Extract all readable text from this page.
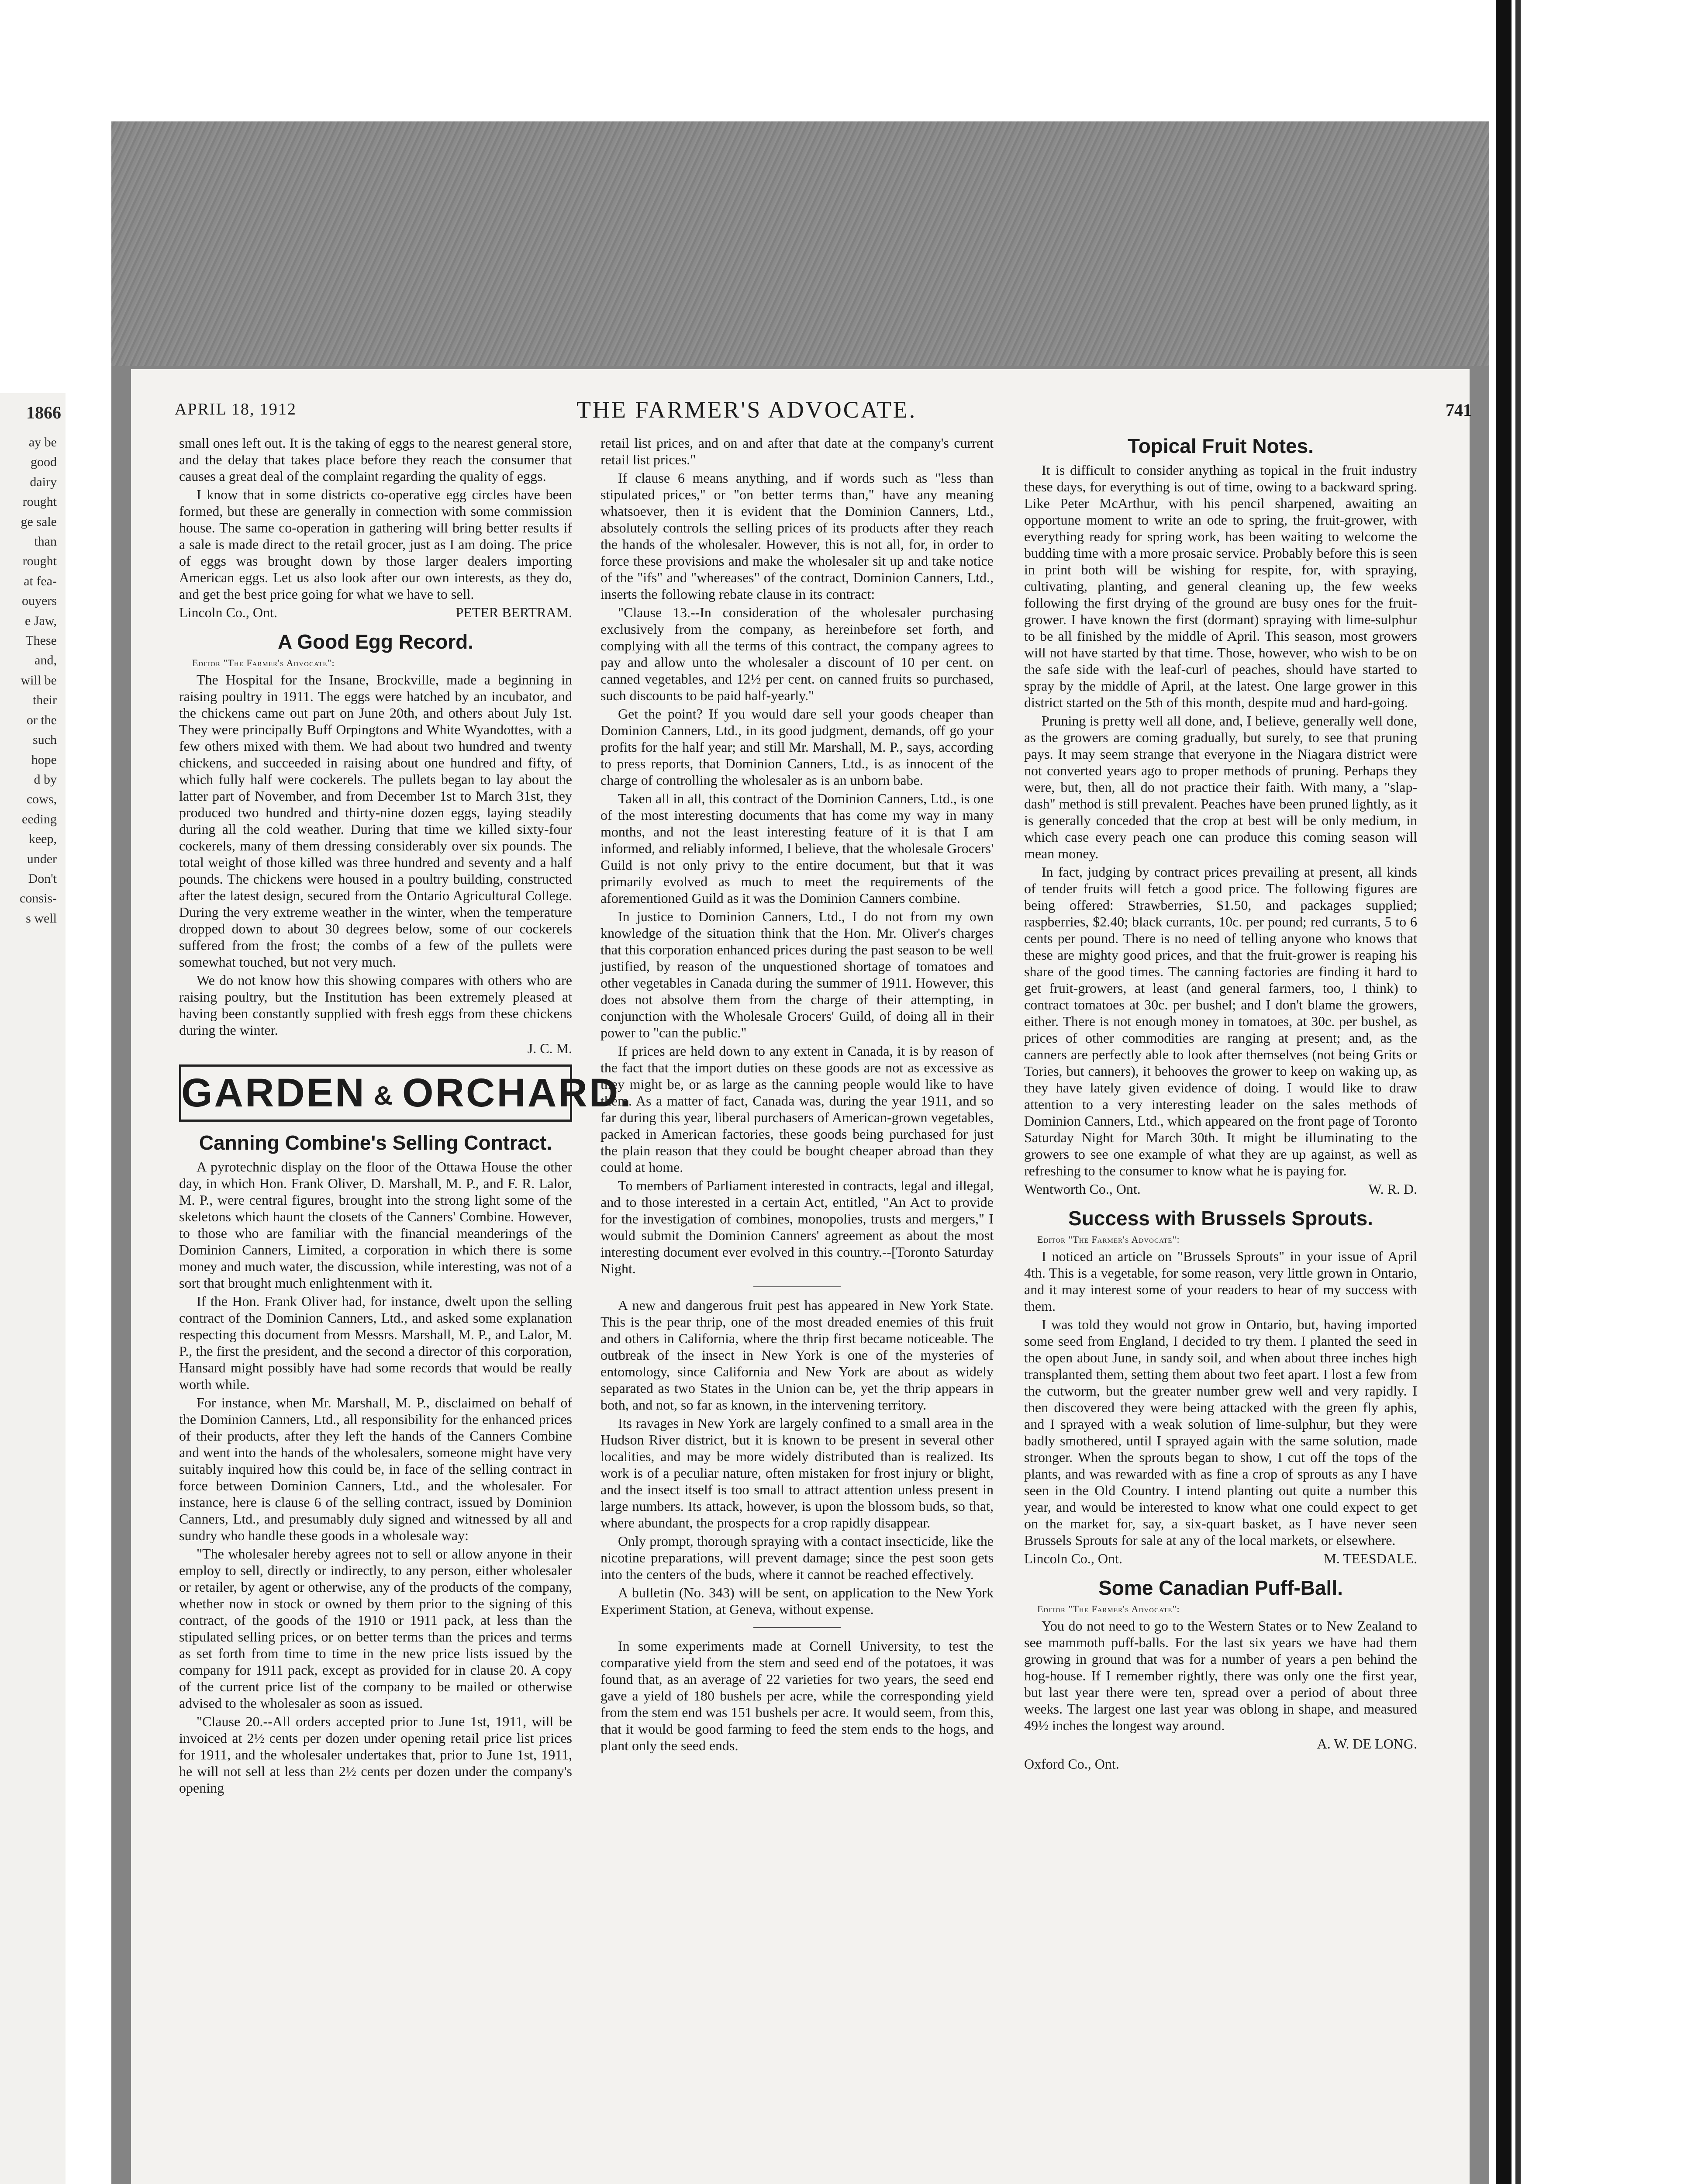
1866
ay be
good
dairy
rought
ge sale
than
rought
at fea-
ouyers
e Jaw,
These
and,
will be
their
or the
such
hope
d by
cows,
eeding
keep,
under
Don't
consis-
s well
APRIL 18, 1912	THE FARMER'S ADVOCATE.	741

small ones left out. It is the taking of eggs to the nearest general store, and the delay that takes place before they reach the consumer that causes a great deal of the complaint regarding the quality of eggs.

I know that in some districts co-operative egg circles have been formed, but these are generally in connection with some commission house. The same co-operation in gathering will bring better results if a sale is made direct to the retail grocer, just as I am doing. The price of eggs was brought down by those larger dealers importing American eggs. Let us also look after our own interests, as they do, and get the best price going for what we have to sell.

Lincoln Co., Ont.	PETER BERTRAM.
A Good Egg Record.
Editor "The Farmer's Advocate":

The Hospital for the Insane, Brockville, made a beginning in raising poultry in 1911. The eggs were hatched by an incubator, and the chickens came out part on June 20th, and others about July 1st. They were principally Buff Orpingtons and White Wyandottes, with a few others mixed with them. We had about two hundred and twenty chickens, and succeeded in raising about one hundred and fifty, of which fully half were cockerels. The pullets began to lay about the latter part of November, and from December 1st to March 31st, they produced two hundred and thirty-nine dozen eggs, laying steadily during all the cold weather. During that time we killed sixty-four cockerels, many of them dressing considerably over six pounds. The total weight of those killed was three hundred and seventy and a half pounds. The chickens were housed in a poultry building, constructed after the latest design, secured from the Ontario Agricultural College. During the very extreme weather in the winter, when the temperature dropped down to about 30 degrees below, some of our cockerels suffered from the frost; the combs of a few of the pullets were somewhat touched, but not very much.

We do not know how this showing compares with others who are raising poultry, but the Institution has been extremely pleased at having been constantly supplied with fresh eggs from these chickens during the winter.

J. C. M.
GARDEN & ORCHARD.
Canning Combine's Selling Contract.

A pyrotechnic display on the floor of the Ottawa House the other day, in which Hon. Frank Oliver, D. Marshall, M. P., and F. R. Lalor, M. P., were central figures, brought into the strong light some of the skeletons which haunt the closets of the Canners' Combine. However, to those who are familiar with the financial meanderings of the Dominion Canners, Limited, a corporation in which there is some money and much water, the discussion, while interesting, was not of a sort that brought much enlightenment with it.

If the Hon. Frank Oliver had, for instance, dwelt upon the selling contract of the Dominion Canners, Ltd., and asked some explanation respecting this document from Messrs. Marshall, M. P., and Lalor, M. P., the first the president, and the second a director of this corporation, Hansard might possibly have had some records that would be really worth while.

For instance, when Mr. Marshall, M. P., disclaimed on behalf of the Dominion Canners, Ltd., all responsibility for the enhanced prices of their products, after they left the hands of the Canners Combine and went into the hands of the wholesalers, someone might have very suitably inquired how this could be, in face of the selling contract in force between Dominion Canners, Ltd., and the wholesaler. For instance, here is clause 6 of the selling contract, issued by Dominion Canners, Ltd., and presumably duly signed and witnessed by all and sundry who handle these goods in a wholesale way:

"The wholesaler hereby agrees not to sell or allow anyone in their employ to sell, directly or indirectly, to any person, either wholesaler or retailer, by agent or otherwise, any of the products of the company, whether now in stock or owned by them prior to the signing of this contract, of the goods of the 1910 or 1911 pack, at less than the stipulated selling prices, or on better terms than the prices and terms as set forth from time to time in the new price lists issued by the company for 1911 pack, except as provided for in clause 20. A copy of the current price list of the company to be mailed or otherwise advised to the wholesaler as soon as issued.

"Clause 20.--All orders accepted prior to June 1st, 1911, will be invoiced at 2½ cents per dozen under opening retail price list prices for 1911, and the wholesaler undertakes that, prior to June 1st, 1911, he will not sell at less than 2½ cents per dozen under the company's opening

retail list prices, and on and after that date at the company's current retail list prices."

If clause 6 means anything, and if words such as "less than stipulated prices," or "on better terms than," have any meaning whatsoever, then it is evident that the Dominion Canners, Ltd., absolutely controls the selling prices of its products after they reach the hands of the wholesaler. However, this is not all, for, in order to force these provisions and make the wholesaler sit up and take notice of the "ifs" and "whereases" of the contract, Dominion Canners, Ltd., inserts the following rebate clause in its contract:

"Clause 13.--In consideration of the wholesaler purchasing exclusively from the company, as hereinbefore set forth, and complying with all the terms of this contract, the company agrees to pay and allow unto the wholesaler a discount of 10 per cent. on canned vegetables, and 12½ per cent. on canned fruits so purchased, such discounts to be paid half-yearly."

Get the point? If you would dare sell your goods cheaper than Dominion Canners, Ltd., in its good judgment, demands, off go your profits for the half year; and still Mr. Marshall, M. P., says, according to press reports, that Dominion Canners, Ltd., is as innocent of the charge of controlling the wholesaler as is an unborn babe.

Taken all in all, this contract of the Dominion Canners, Ltd., is one of the most interesting documents that has come my way in many months, and not the least interesting feature of it is that I am informed, and reliably informed, I believe, that the wholesale Grocers' Guild is not only privy to the entire document, but that it was primarily evolved as much to meet the requirements of the aforementioned Guild as it was the Dominion Canners combine.

In justice to Dominion Canners, Ltd., I do not from my own knowledge of the situation think that the Hon. Mr. Oliver's charges that this corporation enhanced prices during the past season to be well justified, by reason of the unquestioned shortage of tomatoes and other vegetables in Canada during the summer of 1911. However, this does not absolve them from the charge of their attempting, in conjunction with the Wholesale Grocers' Guild, of doing all in their power to "can the public."

If prices are held down to any extent in Canada, it is by reason of the fact that the import duties on these goods are not as excessive as they might be, or as large as the canning people would like to have them. As a matter of fact, Canada was, during the year 1911, and so far during this year, liberal purchasers of American-grown vegetables, packed in American factories, these goods being purchased for just the plain reason that they could be bought cheaper abroad than they could at home.

To members of Parliament interested in contracts, legal and illegal, and to those interested in a certain Act, entitled, "An Act to provide for the investigation of combines, monopolies, trusts and mergers," I would submit the Dominion Canners' agreement as about the most interesting document ever evolved in this country.--[Toronto Saturday Night.

A new and dangerous fruit pest has appeared in New York State. This is the pear thrip, one of the most dreaded enemies of this fruit and others in California, where the thrip first became noticeable. The outbreak of the insect in New York is one of the mysteries of entomology, since California and New York are about as widely separated as two States in the Union can be, yet the thrip appears in both, and not, so far as known, in the intervening territory.

Its ravages in New York are largely confined to a small area in the Hudson River district, but it is known to be present in several other localities, and may be more widely distributed than is realized. Its work is of a peculiar nature, often mistaken for frost injury or blight, and the insect itself is too small to attract attention unless present in large numbers. Its attack, however, is upon the blossom buds, so that, where abundant, the prospects for a crop rapidly disappear.

Only prompt, thorough spraying with a contact insecticide, like the nicotine preparations, will prevent damage; since the pest soon gets into the centers of the buds, where it cannot be reached effectively.

A bulletin (No. 343) will be sent, on application to the New York Experiment Station, at Geneva, without expense.

In some experiments made at Cornell University, to test the comparative yield from the stem and seed end of the potatoes, it was found that, as an average of 22 varieties for two years, the seed end gave a yield of 180 bushels per acre, while the corresponding yield from the stem end was 151 bushels per acre. It would seem, from this, that it would be good farming to feed the stem ends to the hogs, and plant only the seed ends.

Topical Fruit Notes.

It is difficult to consider anything as topical in the fruit industry these days, for everything is out of time, owing to a backward spring. Like Peter McArthur, with his pencil sharpened, awaiting an opportune moment to write an ode to spring, the fruit-grower, with everything ready for spring work, has been waiting to welcome the budding time with a more prosaic service. Probably before this is seen in print both will be wishing for respite, for, with spraying, cultivating, planting, and general cleaning up, the few weeks following the first drying of the ground are busy ones for the fruit-grower. I have known the first (dormant) spraying with lime-sulphur to be all finished by the middle of April. This season, most growers will not have started by that time. Those, however, who wish to be on the safe side with the leaf-curl of peaches, should have started to spray by the middle of April, at the latest. One large grower in this district started on the 5th of this month, despite mud and hard-going.

Pruning is pretty well all done, and, I believe, generally well done, as the growers are coming gradually, but surely, to see that pruning pays. It may seem strange that everyone in the Niagara district were not converted years ago to proper methods of pruning. Perhaps they were, but, then, all do not practice their faith. With many, a "slap-dash" method is still prevalent. Peaches have been pruned lightly, as it is generally conceded that the crop at best will be only medium, in which case every peach one can produce this coming season will mean money.

In fact, judging by contract prices prevailing at present, all kinds of tender fruits will fetch a good price. The following figures are being offered: Strawberries, $1.50, and packages supplied; raspberries, $2.40; black currants, 10c. per pound; red currants, 5 to 6 cents per pound. There is no need of telling anyone who knows that these are mighty good prices, and that the fruit-grower is reaping his share of the good times. The canning factories are finding it hard to get fruit-growers, at least (and general farmers, too, I think) to contract tomatoes at 30c. per bushel; and I don't blame the growers, either. There is not enough money in tomatoes, at 30c. per bushel, as prices of other commodities are ranging at present; and, as the canners are perfectly able to look after themselves (not being Grits or Tories, but canners), it behooves the grower to keep on waking up, as they have lately given evidence of doing. I would like to draw attention to a very interesting leader on the sales methods of Dominion Canners, Ltd., which appeared on the front page of Toronto Saturday Night for March 30th. It might be illuminating to the growers to see one example of what they are up against, as well as refreshing to the consumer to know what he is paying for.

Wentworth Co., Ont.	W. R. D.
Success with Brussels Sprouts.
Editor "The Farmer's Advocate":

I noticed an article on "Brussels Sprouts" in your issue of April 4th. This is a vegetable, for some reason, very little grown in Ontario, and it may interest some of your readers to hear of my success with them.

I was told they would not grow in Ontario, but, having imported some seed from England, I decided to try them. I planted the seed in the open about June, in sandy soil, and when about three inches high transplanted them, setting them about two feet apart. I lost a few from the cutworm, but the greater number grew well and very rapidly. I then discovered they were being attacked with the green fly aphis, and I sprayed with a weak solution of lime-sulphur, but they were badly smothered, until I sprayed again with the same solution, made stronger. When the sprouts began to show, I cut off the tops of the plants, and was rewarded with as fine a crop of sprouts as any I have seen in the Old Country. I intend planting out quite a number this year, and would be interested to know what one could expect to get on the market for, say, a six-quart basket, as I have never seen Brussels Sprouts for sale at any of the local markets, or elsewhere.

Lincoln Co., Ont.	M. TEESDALE.
Some Canadian Puff-Ball.
Editor "The Farmer's Advocate":

You do not need to go to the Western States or to New Zealand to see mammoth puff-balls. For the last six years we have had them growing in ground that was for a number of years a pen behind the hog-house. If I remember rightly, there was only one the first year, but last year there were ten, spread over a period of about three weeks. The largest one last year was oblong in shape, and measured 49½ inches the longest way around.

A. W. DE LONG.
Oxford Co., Ont.
